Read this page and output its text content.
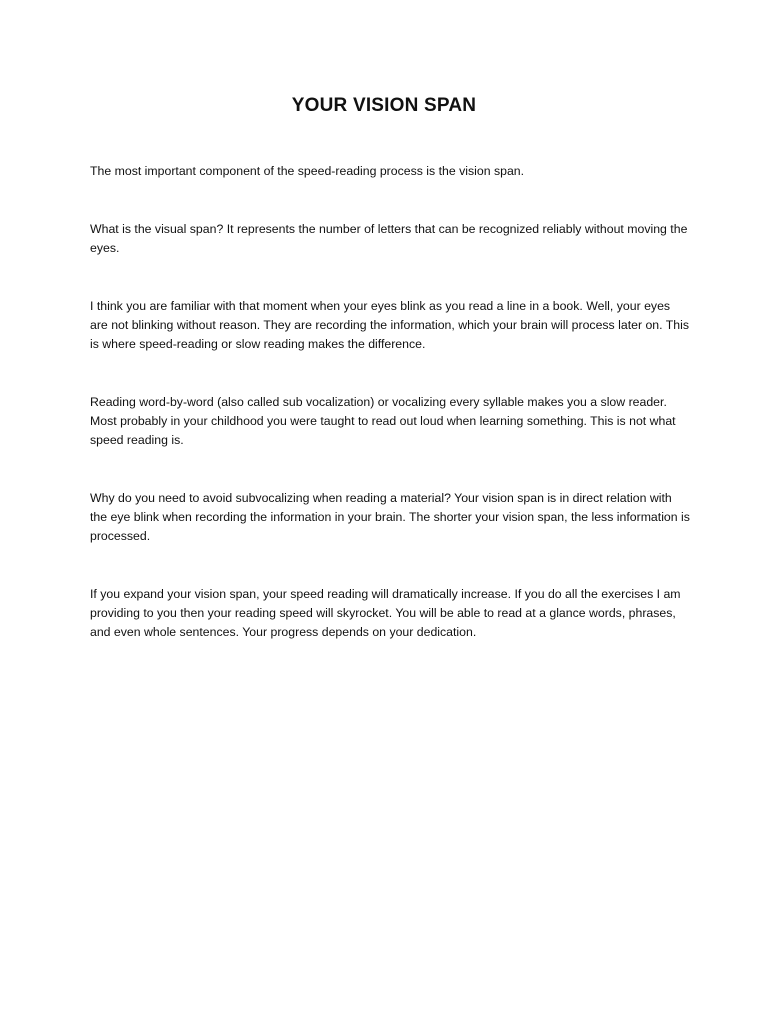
YOUR VISION SPAN

The most important component of the speed-reading process is the vision span.

What is the visual span? It represents the number of letters that can be recognized reliably without moving the eyes.

I think you are familiar with that moment when your eyes blink as you read a line in a book. Well, your eyes are not blinking without reason. They are recording the information, which your brain will process later on. This is where speed-reading or slow reading makes the difference.

Reading word-by-word (also called sub vocalization) or vocalizing every syllable makes you a slow reader. Most probably in your childhood you were taught to read out loud when learning something. This is not what speed reading is.

Why do you need to avoid subvocalizing when reading a material? Your vision span is in direct relation with the eye blink when recording the information in your brain. The shorter your vision span, the less information is processed.

If you expand your vision span, your speed reading will dramatically increase. If you do all the exercises I am providing to you then your reading speed will skyrocket. You will be able to read at a glance words, phrases, and even whole sentences. Your progress depends on your dedication.
